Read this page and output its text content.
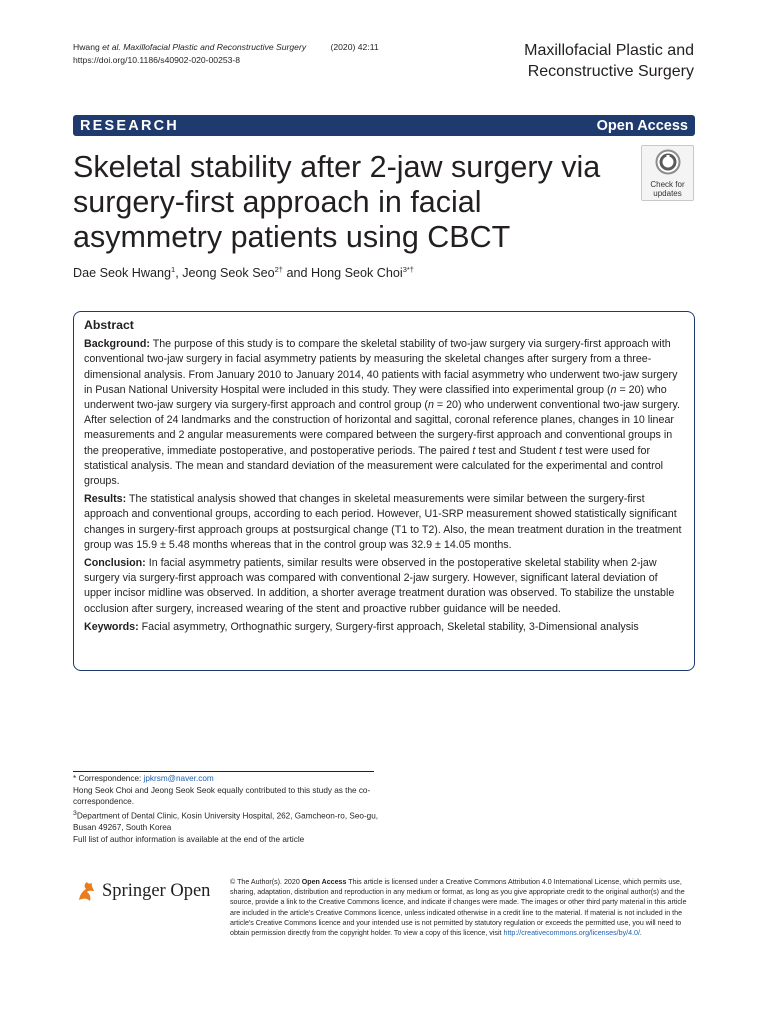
Hwang et al. Maxillofacial Plastic and Reconstructive Surgery	(2020) 42:11
https://doi.org/10.1186/s40902-020-00253-8
Maxillofacial Plastic and
Reconstructive Surgery
RESEARCH	Open Access
Skeletal stability after 2-jaw surgery via surgery-first approach in facial asymmetry patients using CBCT
Check for
updates
Dae Seok Hwang$^1$, Jeong Seok Seo$^{2\dagger}$ and Hong Seok Choi$^{3*\dagger}$
Abstract

Background: The purpose of this study is to compare the skeletal stability of two-jaw surgery via surgery-first approach with conventional two-jaw surgery in facial asymmetry patients by measuring the skeletal changes after surgery from a three-dimensional analysis. From January 2010 to January 2014, 40 patients with facial asymmetry who underwent two-jaw surgery in Pusan National University Hospital were included in this study. They were classified into experimental group (n = 20) who underwent two-jaw surgery via surgery-first approach and control group (n = 20) who underwent conventional two-jaw surgery. After selection of 24 landmarks and the construction of horizontal and sagittal, coronal reference planes, changes in 10 linear measurements and 2 angular measurements were compared between the surgery-first approach and conventional groups in the preoperative, immediate postoperative, and postoperative periods. The paired t test and Student t test were used for statistical analysis. The mean and standard deviation of the measurement were calculated for the experimental and control groups.

Results: The statistical analysis showed that changes in skeletal measurements were similar between the surgery-first approach and conventional groups, according to each period. However, U1-SRP measurement showed statistically significant changes in surgery-first approach groups at postsurgical change (T1 to T2). Also, the mean treatment duration in the treatment group was 15.9 ± 5.48 months whereas that in the control group was 32.9 ± 14.05 months.

Conclusion: In facial asymmetry patients, similar results were observed in the postoperative skeletal stability when 2-jaw surgery via surgery-first approach was compared with conventional 2-jaw surgery. However, significant lateral deviation of upper incisor midline was observed. In addition, a shorter average treatment duration was observed. To stabilize the unstable occlusion after surgery, increased wearing of the stent and proactive rubber guidance will be needed.

Keywords: Facial asymmetry, Orthognathic surgery, Surgery-first approach, Skeletal stability, 3-Dimensional analysis

* Correspondence: jpkrsm@naver.com

Hong Seok Choi and Jeong Seok Seok equally contributed to this study as the co-correspondence.

$^3$Department of Dental Clinic, Kosin University Hospital, 262, Gamcheon-ro, Seo-gu, Busan 49267, South Korea

Full list of author information is available at the end of the article

Springer Open	© The Author(s). 2020 Open Access This article is licensed under a Creative Commons Attribution 4.0 International License, which permits use, sharing, adaptation, distribution and reproduction in any medium or format, as long as you give appropriate credit to the original author(s) and the source, provide a link to the Creative Commons licence, and indicate if changes were made. The images or other third party material in this article are included in the article's Creative Commons licence, unless indicated otherwise in a credit line to the material. If material is not included in the article's Creative Commons licence and your intended use is not permitted by statutory regulation or exceeds the permitted use, you will need to obtain permission directly from the copyright holder. To view a copy of this licence, visit http://creativecommons.org/licenses/by/4.0/.
